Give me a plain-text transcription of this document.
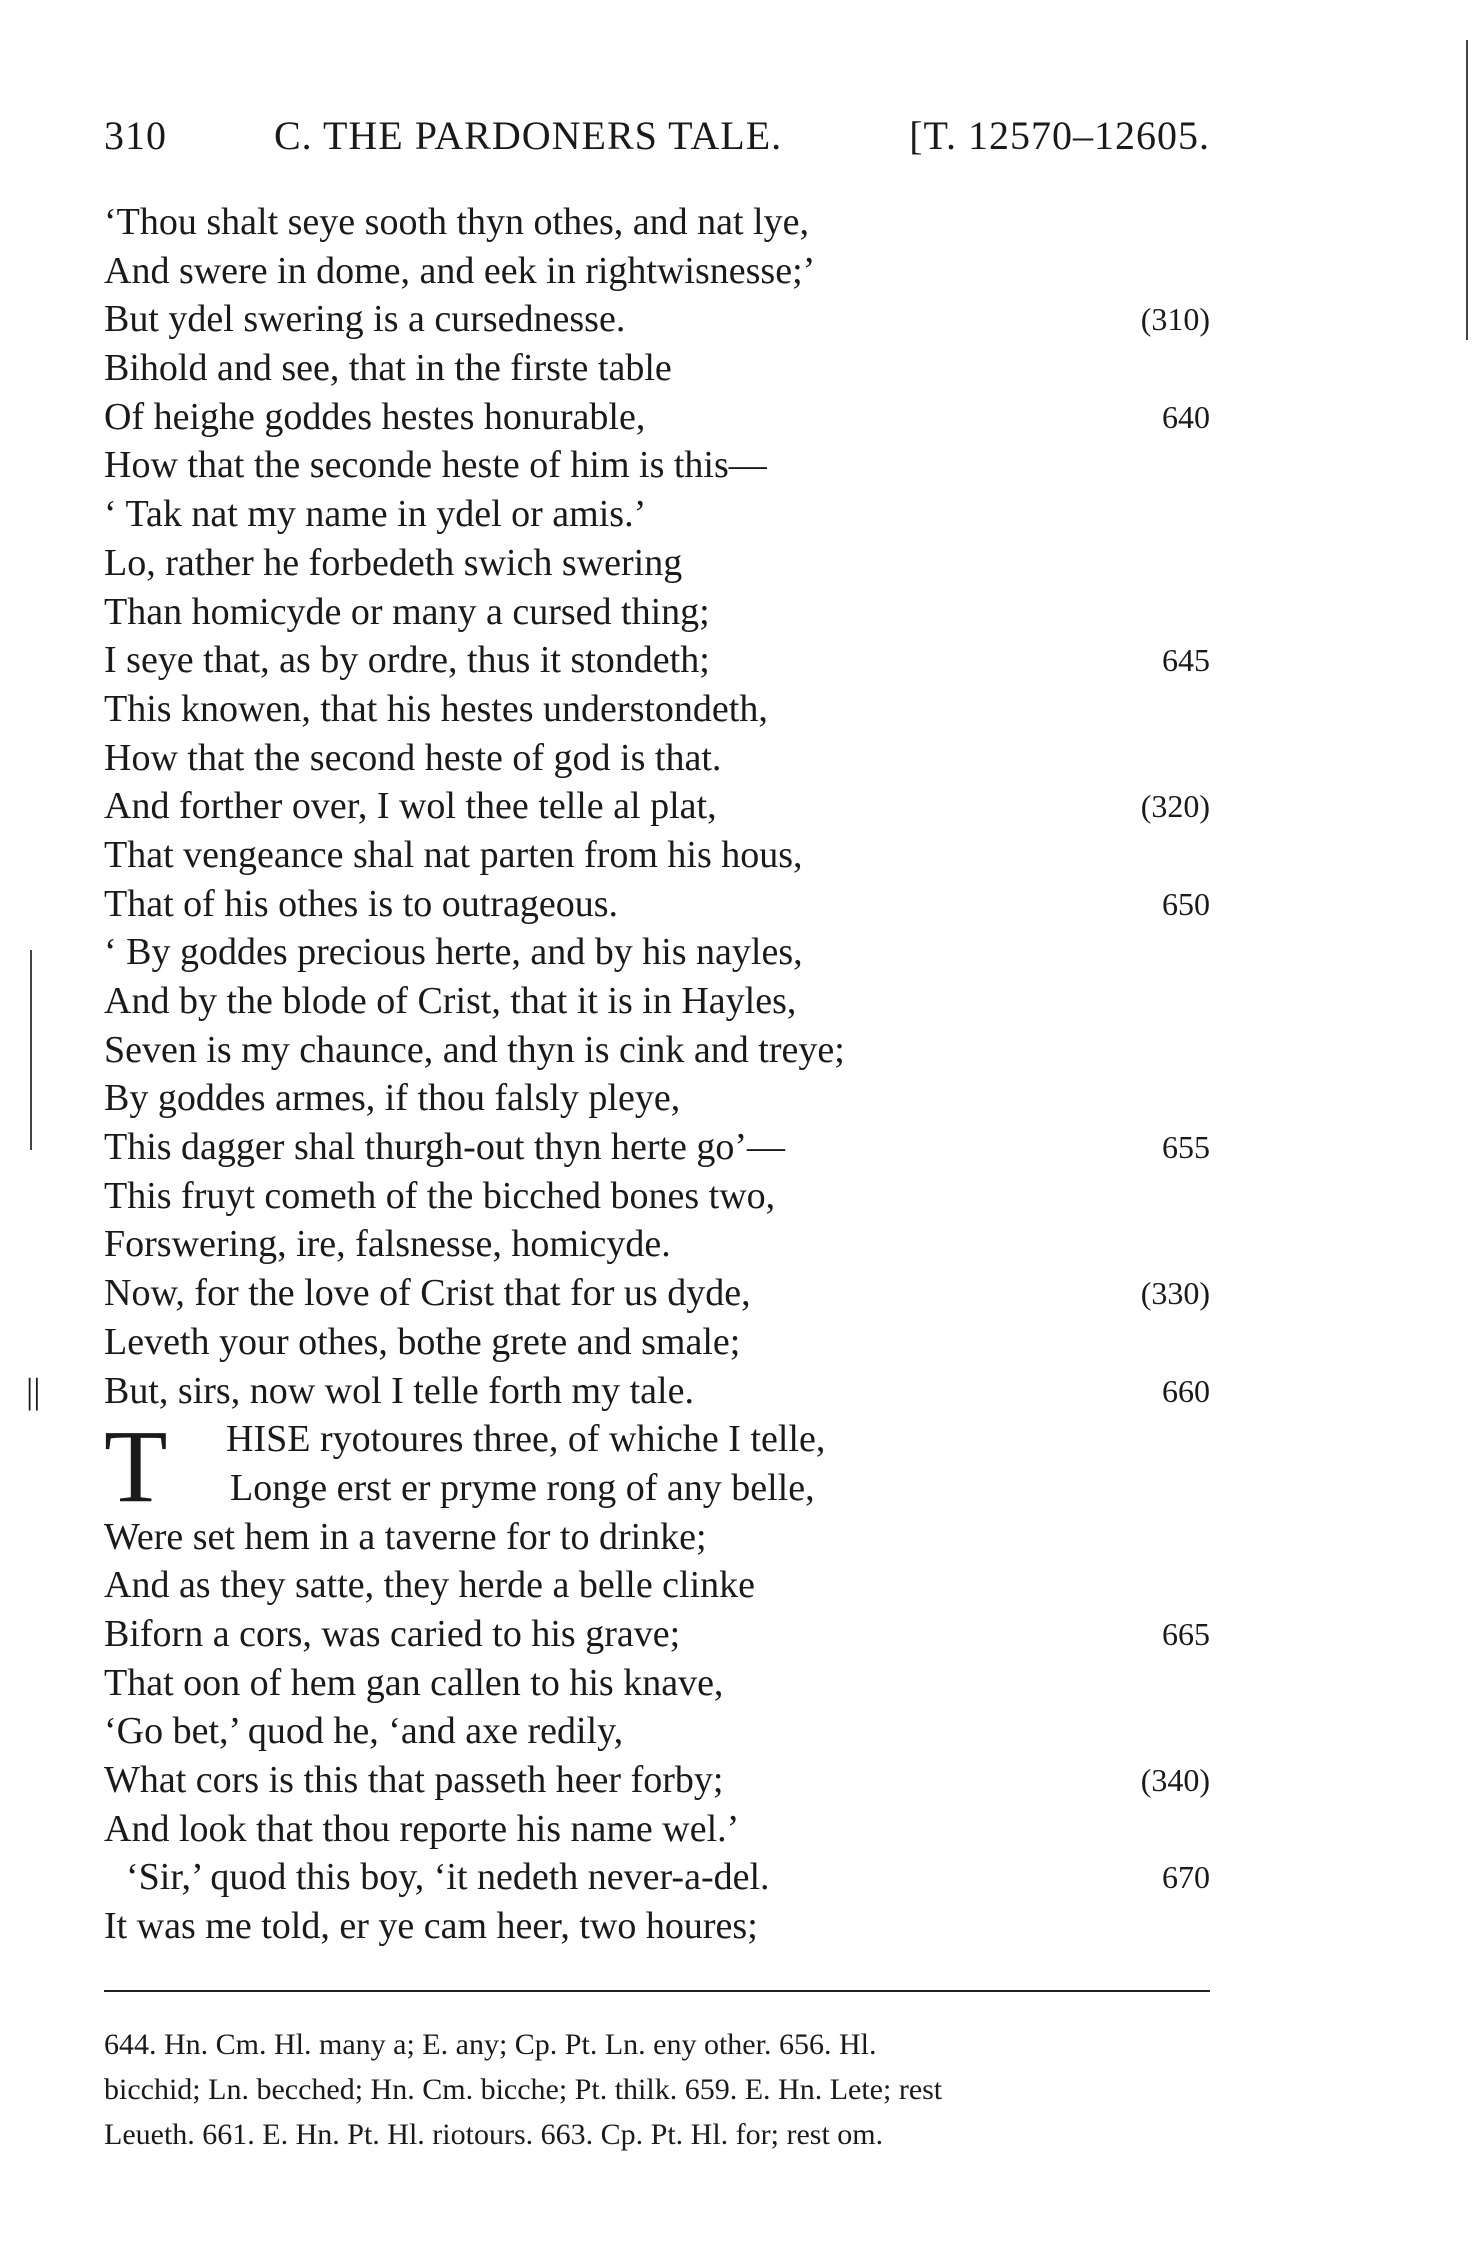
310	C. THE PARDONERS TALE.	[T. 12570–12605.
‘Thou shalt seye sooth thyn othes, and nat lye,
And swere in dome, and eek in rightwisnesse;’
But ydel swering is a cursednesse.	(310)
Bihold and see, that in the firste table
Of heighe goddes hestes honurable,	640
How that the seconde heste of him is this—
‘ Tak nat my name in ydel or amis.’
Lo, rather he forbedeth swich swering
Than homicyde or many a cursed thing;
I seye that, as by ordre, thus it stondeth;	645
This knowen, that his hestes understondeth,
How that the second heste of god is that.
And forther over, I wol thee telle al plat,	(320)
That vengeance shal nat parten from his hous,
That of his othes is to outrageous.	650
‘ By goddes precious herte, and by his nayles,
And by the blode of Crist, that it is in Hayles,
Seven is my chaunce, and thyn is cink and treye;
By goddes armes, if thou falsly pleye,
This dagger shal thurgh-out thyn herte go’—	655
This fruyt cometh of the bicched bones two,
Forswering, ire, falsnesse, homicyde.
Now, for the love of Crist that for us dyde,	(330)
Leveth your othes, bothe grete and smale;
But, sirs, now wol I telle forth my tale.	660
||
T	HISE ryotoures three, of whiche I telle,
Longe erst er pryme rong of any belle,
Were set hem in a taverne for to drinke;
And as they satte, they herde a belle clinke
Biforn a cors, was caried to his grave;	665
That oon of hem gan callen to his knave,
‘Go bet,’ quod he, ‘and axe redily,
What cors is this that passeth heer forby;	(340)
And look that thou reporte his name wel.’
‘Sir,’ quod this boy, ‘it nedeth never-a-del.	670
It was me told, er ye cam heer, two houres;
644. Hn. Cm. Hl. many a; E. any; Cp. Pt. Ln. eny other. 656. Hl.
bicchid; Ln. becched; Hn. Cm. bicche; Pt. thilk. 659. E. Hn. Lete; rest
Leueth. 661. E. Hn. Pt. Hl. riotours. 663. Cp. Pt. Hl. for; rest om.
